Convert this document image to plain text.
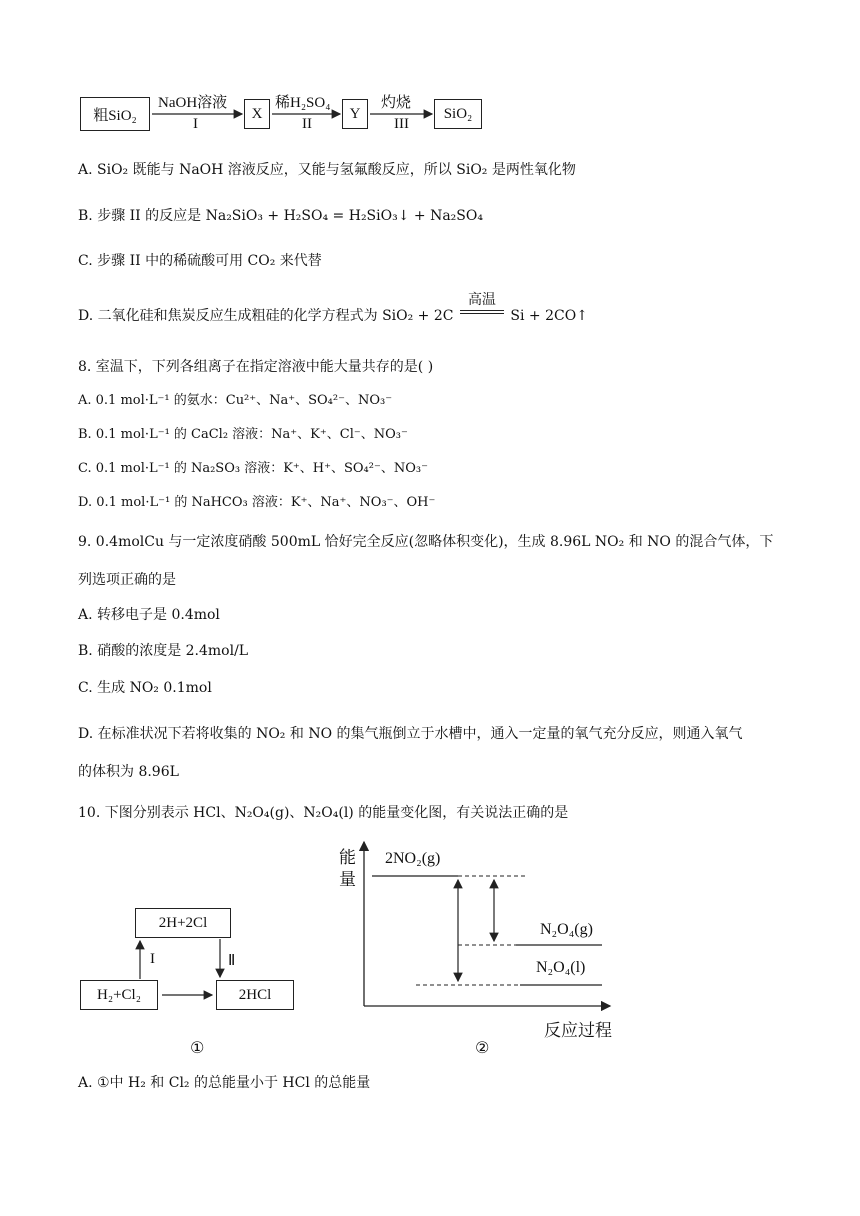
粗SiO₂
NaOH溶液
I
X
稀H₂SO₄
II
Y
灼烧
III
SiO₂
A. SiO₂ 既能与 NaOH 溶液反应，又能与氢氟酸反应，所以 SiO₂ 是两性氧化物
B. 步骤 II 的反应是 Na₂SiO₃ + H₂SO₄ = H₂SiO₃↓ + Na₂SO₄
C. 步骤 II 中的稀硫酸可用 CO₂ 来代替
D. 二氧化硅和焦炭反应生成粗硅的化学方程式为 SiO₂ + 2C
高温
Si + 2CO↑
8. 室温下，下列各组离子在指定溶液中能大量共存的是( )
A. 0.1 mol·L⁻¹ 的氨水：Cu²⁺、Na⁺、SO₄²⁻、NO₃⁻
B. 0.1 mol·L⁻¹ 的 CaCl₂ 溶液：Na⁺、K⁺、Cl⁻、NO₃⁻
C. 0.1 mol·L⁻¹ 的 Na₂SO₃ 溶液：K⁺、H⁺、SO₄²⁻、NO₃⁻
D. 0.1 mol·L⁻¹ 的 NaHCO₃ 溶液：K⁺、Na⁺、NO₃⁻、OH⁻
9. 0.4molCu 与一定浓度硝酸 500mL 恰好完全反应(忽略体积变化)，生成 8.96L NO₂ 和 NO 的混合气体，下
列选项正确的是
A. 转移电子是 0.4mol
B. 硝酸的浓度是 2.4mol/L
C. 生成 NO₂ 0.1mol
D. 在标准状况下若将收集的 NO₂ 和 NO 的集气瓶倒立于水槽中，通入一定量的氧气充分反应，则通入氧气
的体积为 8.96L
10. 下图分别表示 HCl、N₂O₄(g)、N₂O₄(l) 的能量变化图，有关说法正确的是
2H+2Cl
H₂+Cl₂	2HCl
I	Ⅱ
①
能
量
2NO₂(g)
N₂O₄(g)
N₂O₄(l)
反应过程
②
A. ①中 H₂ 和 Cl₂ 的总能量小于 HCl 的总能量
